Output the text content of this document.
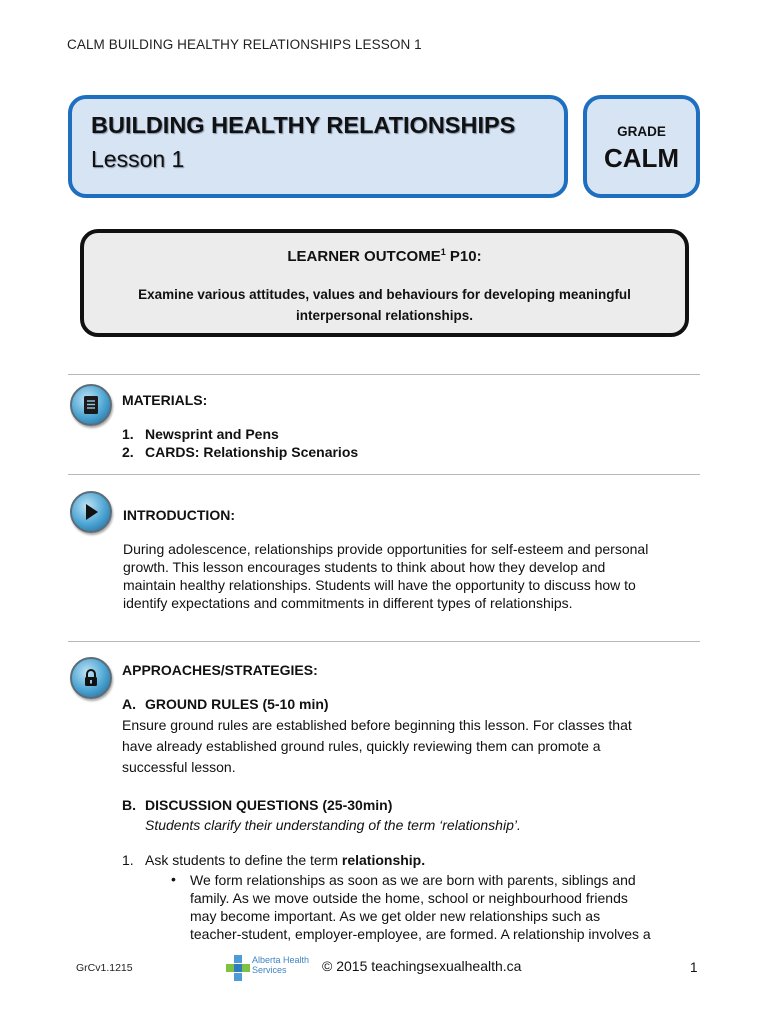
CALM BUILDING HEALTHY RELATIONSHIPS LESSON 1
BUILDING HEALTHY RELATIONSHIPS
Lesson 1
GRADE
CALM
LEARNER OUTCOME$^1$ P10:
Examine various attitudes, values and behaviours for developing meaningful
interpersonal relationships.
MATERIALS:
1. Newsprint and Pens
2. CARDS: Relationship Scenarios
INTRODUCTION:
During adolescence, relationships provide opportunities for self-esteem and personal
growth. This lesson encourages students to think about how they develop and
maintain healthy relationships. Students will have the opportunity to discuss how to
identify expectations and commitments in different types of relationships.
APPROACHES/STRATEGIES:
A. GROUND RULES (5-10 min)
Ensure ground rules are established before beginning this lesson. For classes that
have already established ground rules, quickly reviewing them can promote a
successful lesson.
B. DISCUSSION QUESTIONS (25-30min)
Students clarify their understanding of the term ‘relationship’.
1. Ask students to define the term relationship.
• We form relationships as soon as we are born with parents, siblings and
family. As we move outside the home, school or neighbourhood friends
may become important. As we get older new relationships such as
teacher-student, employer-employee, are formed. A relationship involves a
GrCv1.1215
Alberta Health
Services	© 2015 teachingsexualhealth.ca	1
